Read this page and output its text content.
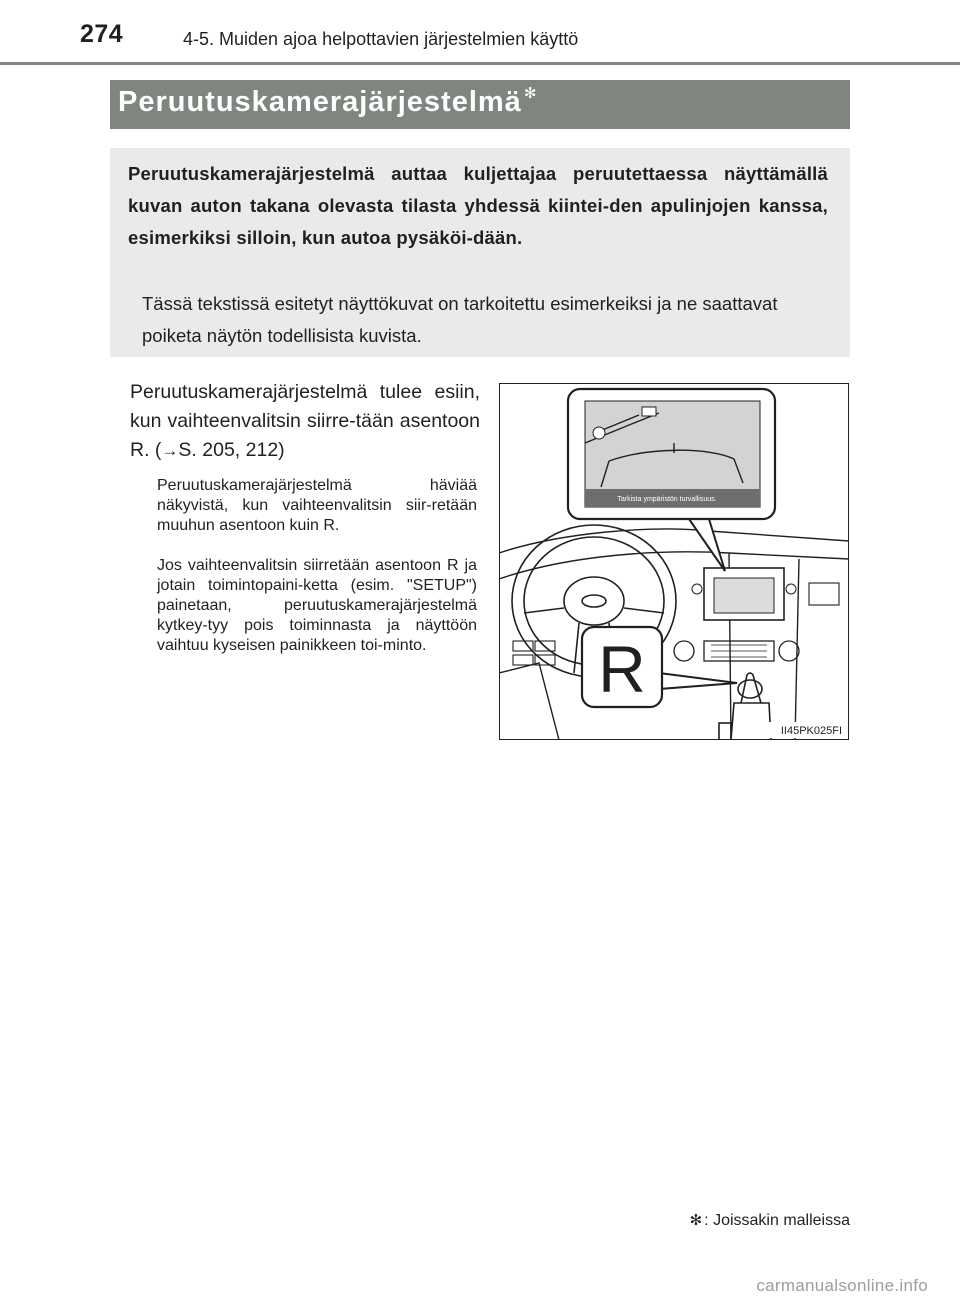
274	4-5. Muiden ajoa helpottavien järjestelmien käyttö
Peruutuskamerajärjestelmä ✻
Peruutuskamerajärjestelmä auttaa kuljettajaa peruutettaessa näyttämällä kuvan auton takana olevasta tilasta yhdessä kiintei-den apulinjojen kanssa, esimerkiksi silloin, kun autoa pysäköi-dään.
Tässä tekstissä esitetyt näyttökuvat on tarkoitettu esimerkeiksi ja ne saattavat poiketa näytön todellisista kuvista.
Peruutuskamerajärjestelmä tulee esiin, kun vaihteenvalitsin siirre-tään asentoon R. (→S. 205, 212)
Peruutuskamerajärjestelmä häviää näkyvistä, kun vaihteenvalitsin siir-retään muuhun asentoon kuin R.
Jos vaihteenvalitsin siirretään asentoon R ja jotain toimintopaini-ketta (esim. "SETUP") painetaan, peruutuskamerajärjestelmä kytkey-tyy pois toiminnasta ja näyttöön vaihtuu kyseisen painikkeen toi-minto.
Tarkista ympäristön turvallisuus.
R
II45PK025FI
✻ : Joissakin malleissa
carmanualsonline.info
